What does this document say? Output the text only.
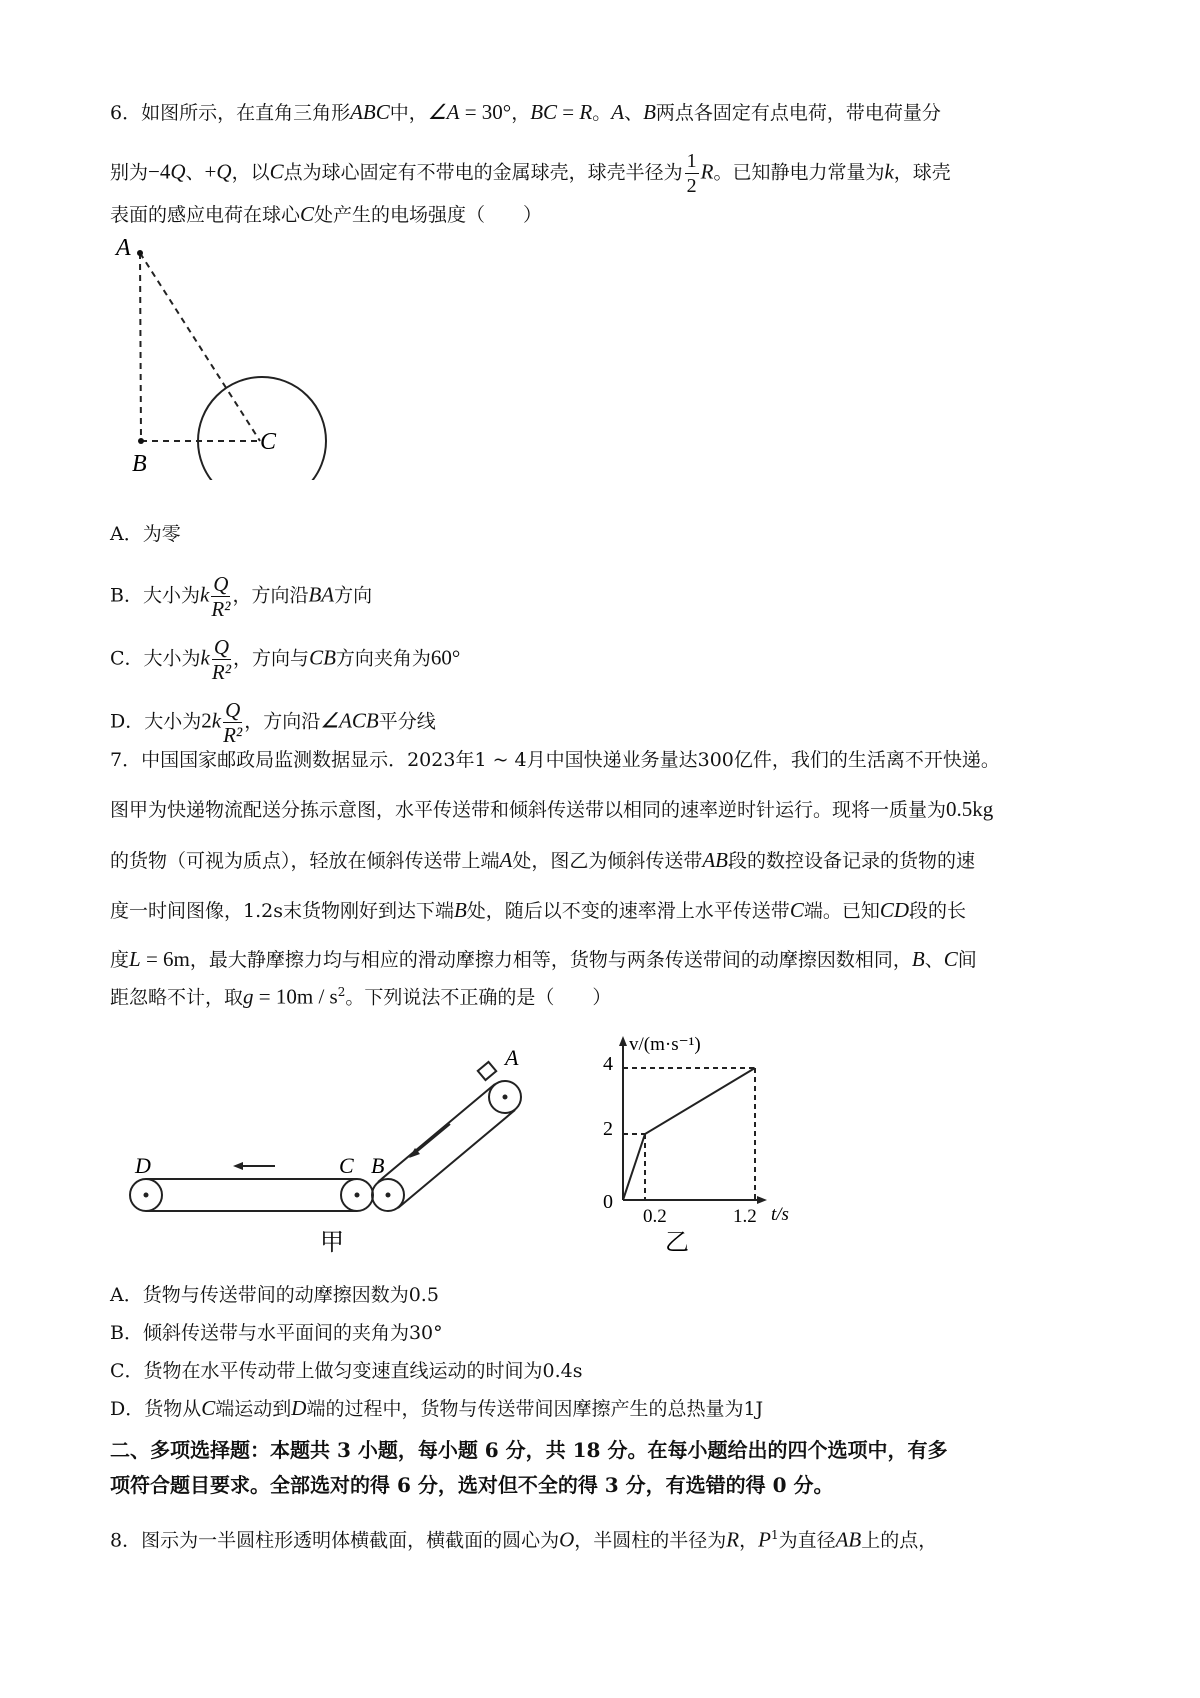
6．如图所示，在直角三角形ABC中，∠A = 30°，BC = R。A、B两点各固定有点电荷，带电荷量分
别为−4Q、+Q，以C点为球心固定有不带电的金属球壳，球壳半径为 $\frac{1}{2}$ R。已知静电力常量为k，球壳
表面的感应电荷在球心C处产生的电场强度（　　）
A
B
C
A．为零
B．大小为k $\frac{Q}{\text{R²}}$ ，方向沿BA方向
C．大小为k $\frac{Q}{\text{R²}}$ ，方向与CB方向夹角为60°
D．大小为$2k \frac{Q}{\text{R²}}$ ，方向沿∠ACB平分线
7．中国国家邮政局监测数据显示．2023年1 ~ 4月中国快递业务量达300亿件，我们的生活离不开快递。
图甲为快递物流配送分拣示意图，水平传送带和倾斜传送带以相同的速率逆时针运行。现将一质量为0.5kg
的货物（可视为质点），轻放在倾斜传送带上端A处，图乙为倾斜传送带AB段的数控设备记录的货物的速
度一时间图像，1.2s末货物刚好到达下端B处，随后以不变的速率滑上水平传送带C端。已知CD段的长
度L = 6m，最大静摩擦力均与相应的滑动摩擦力相等，货物与两条传送带间的动摩擦因数相同，B、C间
距忽略不计，取$g = 10m / s^2$。下列说法不正确的是（　　）
D	C B
A
甲
v/(m·s⁻¹)
t/s
4
2
0
0.2	1.2
乙
A．货物与传送带间的动摩擦因数为0.5
B．倾斜传送带与水平面间的夹角为30°
C．货物在水平传动带上做匀变速直线运动的时间为0.4s
D．货物从C端运动到D端的过程中，货物与传送带间因摩擦产生的总热量为1J
二、多项选择题：本题共 3 小题，每小题 6 分，共 18 分。在每小题给出的四个选项中，有多
项符合题目要求。全部选对的得 6 分，选对但不全的得 3 分，有选错的得 0 分。
8．图示为一半圆柱形透明体横截面，横截面的圆心为O，半圆柱的半径为R，$P^1$为直径AB上的点，
